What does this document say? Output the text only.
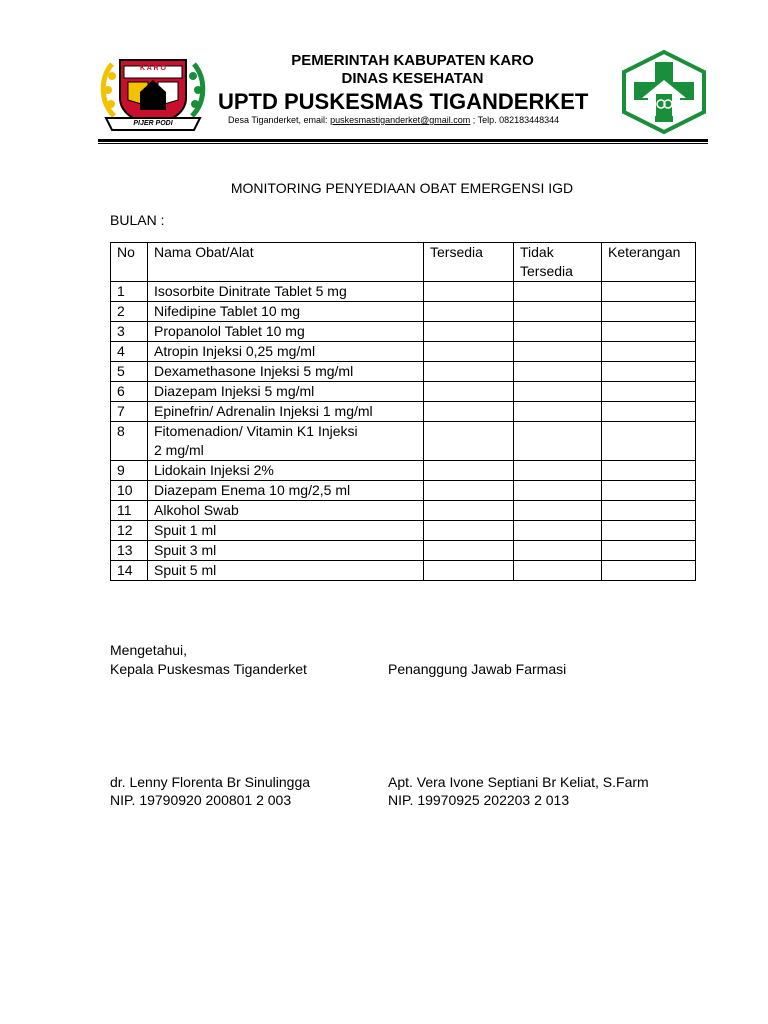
K A R O
PIJER PODI
PEMERINTAH KABUPATEN KARO
DINAS KESEHATAN
UPTD PUSKESMAS TIGANDERKET
Desa Tiganderket, email: puskesmastiganderket@gmail.com ; Telp. 082183448344
MONITORING PENYEDIAAN OBAT EMERGENSI IGD
BULAN :
No	Nama Obat/Alat	Tersedia	Tidak
Tersedia	Keterangan
1	Isosorbite Dinitrate Tablet 5 mg			
2	Nifedipine Tablet 10 mg			
3	Propanolol Tablet 10 mg			
4	Atropin Injeksi 0,25 mg/ml			
5	Dexamethasone Injeksi 5 mg/ml			
6	Diazepam Injeksi 5 mg/ml			
7	Epinefrin/ Adrenalin Injeksi 1 mg/ml			
8	Fitomenadion/ Vitamin K1 Injeksi
2 mg/ml			
9	Lidokain Injeksi 2%			
10	Diazepam Enema 10 mg/2,5 ml			
11	Alkohol Swab			
12	Spuit 1 ml			
13	Spuit 3 ml			
14	Spuit 5 ml			
Mengetahui,
Kepala Puskesmas Tiganderket	Penanggung Jawab Farmasi
dr. Lenny Florenta Br Sinulingga
NIP. 19790920 200801 2 003
Apt. Vera Ivone Septiani Br Keliat, S.Farm
NIP. 19970925 202203 2 013
